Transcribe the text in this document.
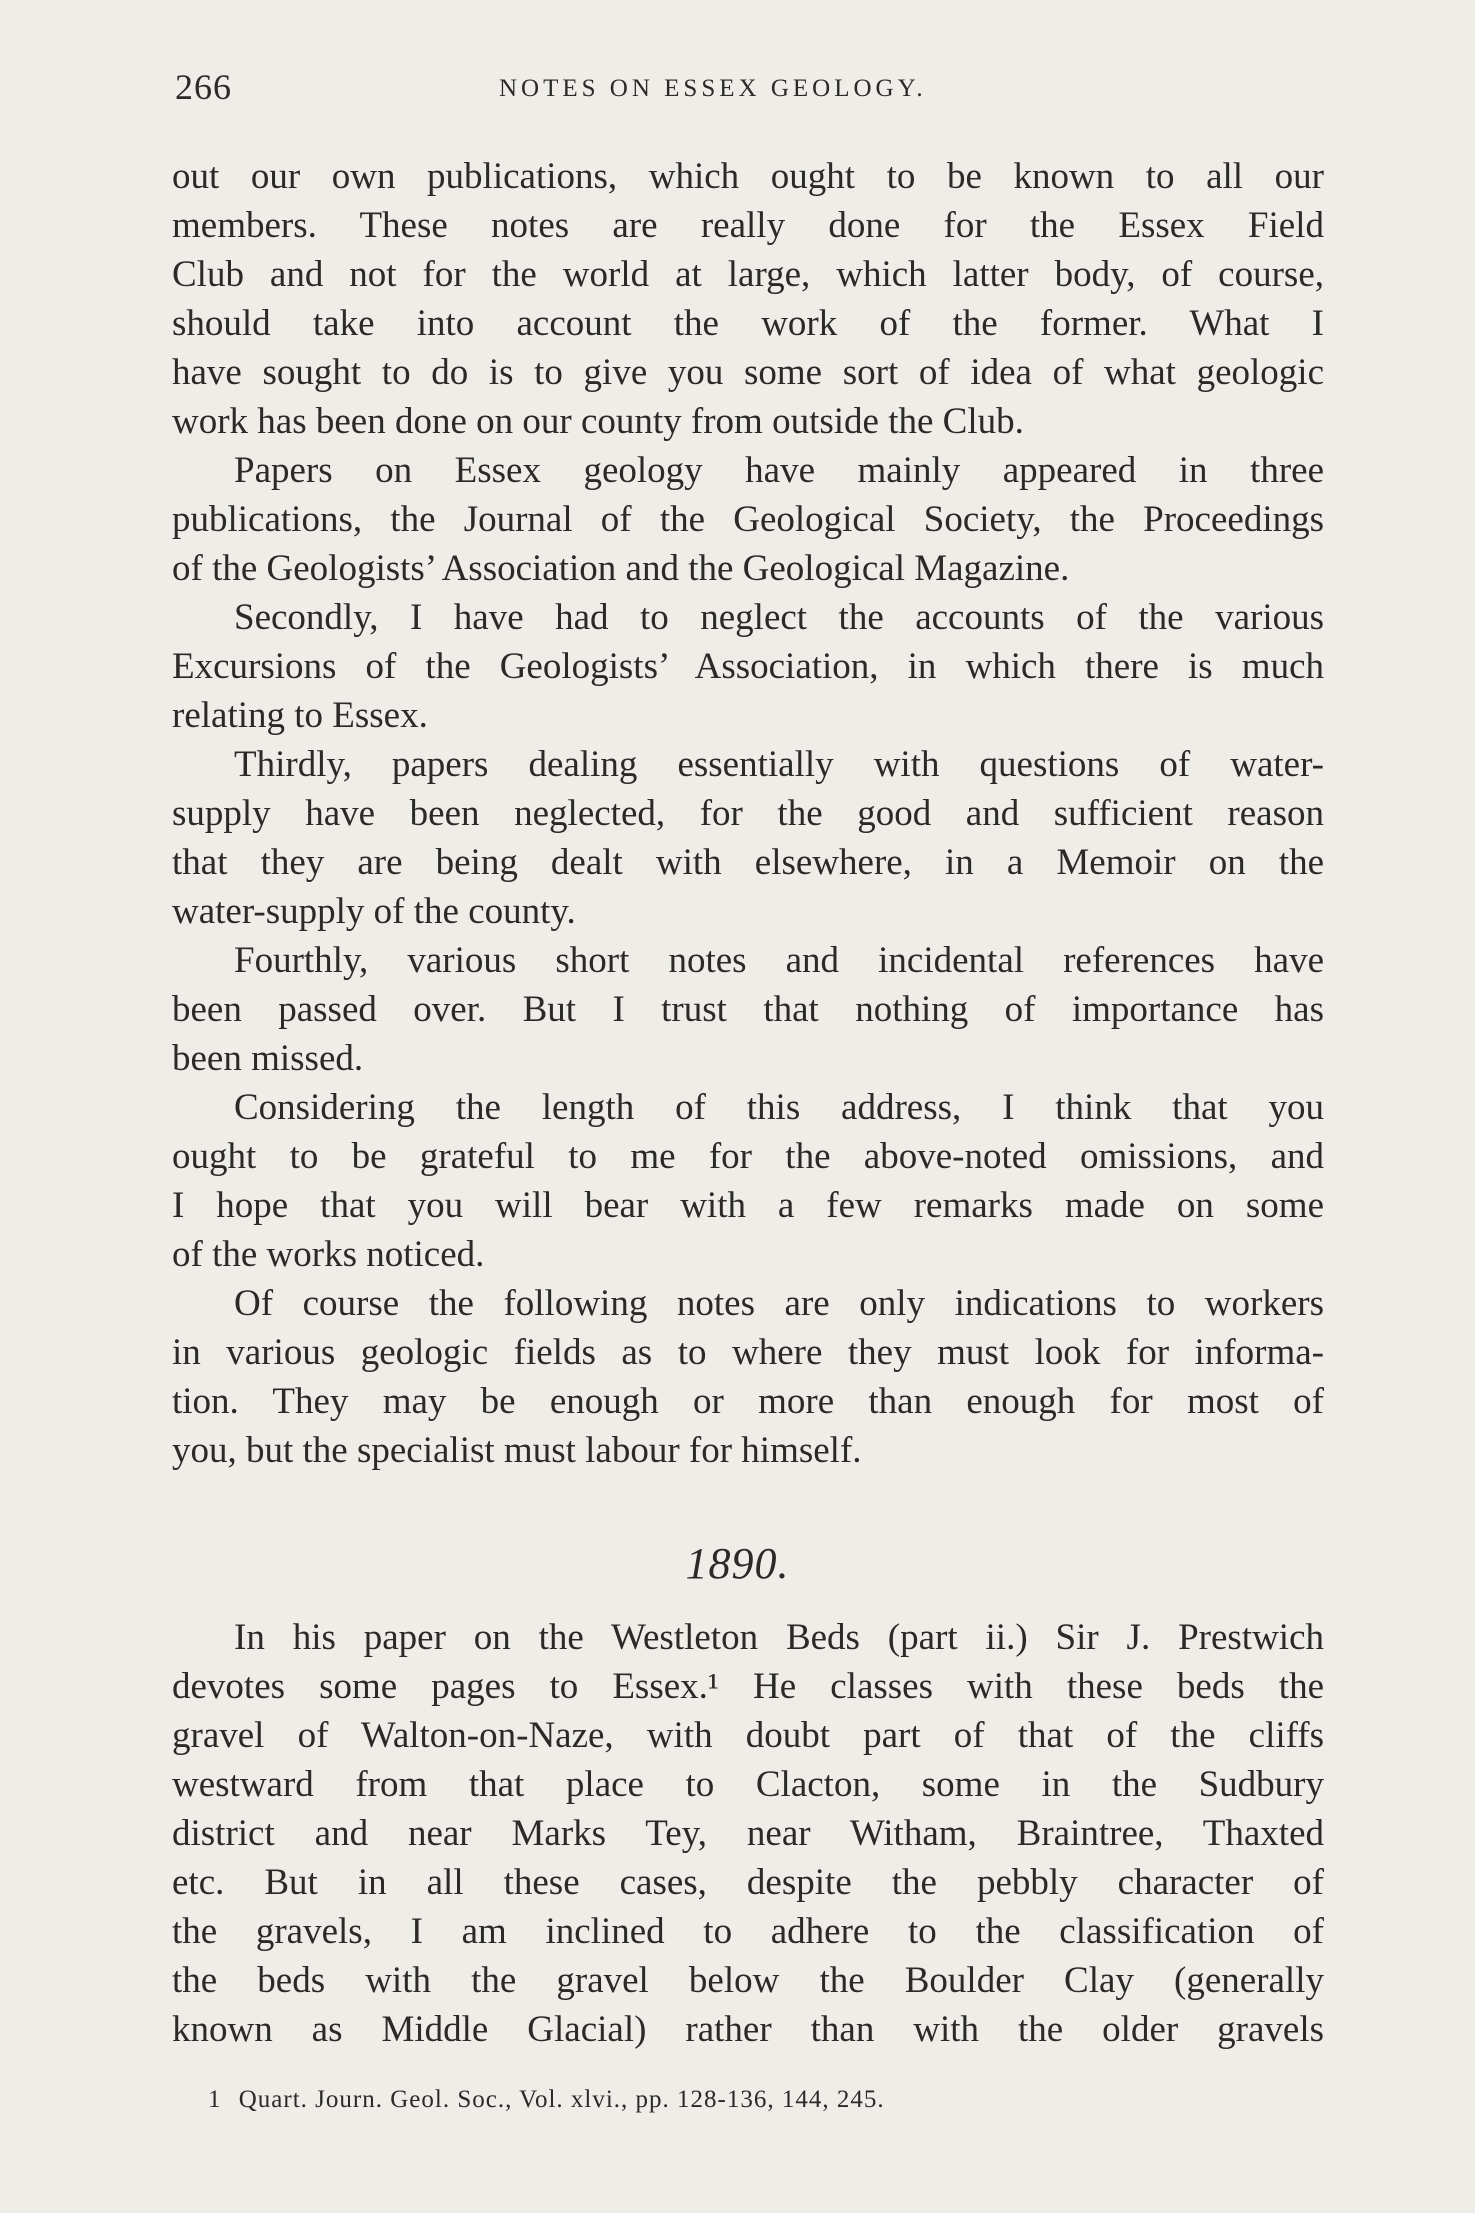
266	NOTES ON ESSEX GEOLOGY.
out our own publications, which ought to be known to all our
members. These notes are really done for the Essex Field
Club and not for the world at large, which latter body, of course,
should take into account the work of the former. What I
have sought to do is to give you some sort of idea of what geologic
work has been done on our county from outside the Club.
Papers on Essex geology have mainly appeared in three
publications, the Journal of the Geological Society, the Proceedings
of the Geologists’ Association and the Geological Magazine.
Secondly, I have had to neglect the accounts of the various
Excursions of the Geologists’ Association, in which there is much
relating to Essex.
Thirdly, papers dealing essentially with questions of water-
supply have been neglected, for the good and sufficient reason
that they are being dealt with elsewhere, in a Memoir on the
water-supply of the county.
Fourthly, various short notes and incidental references have
been passed over. But I trust that nothing of importance has
been missed.
Considering the length of this address, I think that you
ought to be grateful to me for the above-noted omissions, and
I hope that you will bear with a few remarks made on some
of the works noticed.
Of course the following notes are only indications to workers
in various geologic fields as to where they must look for informa-
tion. They may be enough or more than enough for most of
you, but the specialist must labour for himself.
1890.
In his paper on the Westleton Beds (part ii.) Sir J. Prestwich
devotes some pages to Essex.¹ He classes with these beds the
gravel of Walton-on-Naze, with doubt part of that of the cliffs
westward from that place to Clacton, some in the Sudbury
district and near Marks Tey, near Witham, Braintree, Thaxted
etc. But in all these cases, despite the pebbly character of
the gravels, I am inclined to adhere to the classification of
the beds with the gravel below the Boulder Clay (generally
known as Middle Glacial) rather than with the older gravels
1 Quart. Journ. Geol. Soc., Vol. xlvi., pp. 128-136, 144, 245.
